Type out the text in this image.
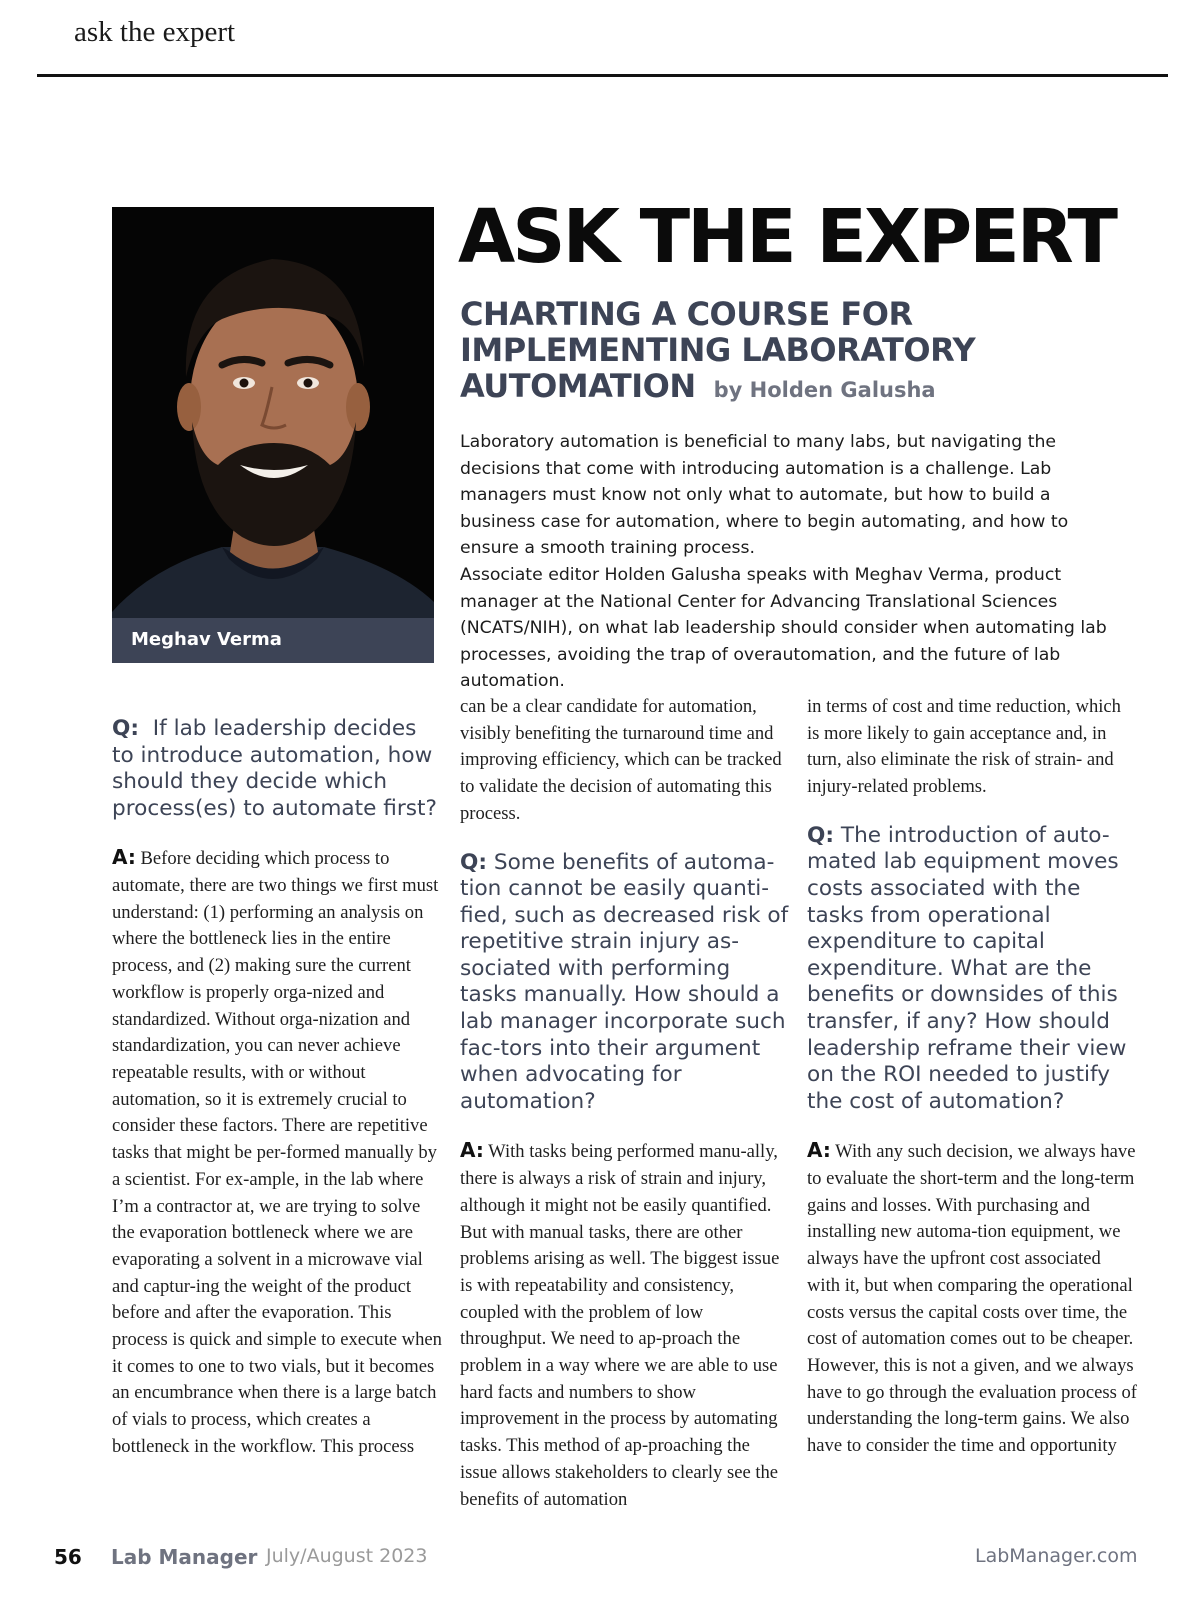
ask the expert
Meghav Verma
ASK THE EXPERT
CHARTING A COURSE FOR IMPLEMENTING LABORATORY AUTOMATION by Holden Galusha

Laboratory automation is beneficial to many labs, but navigating the decisions that come with introducing automation is a challenge. Lab managers must know not only what to automate, but how to build a business case for automation, where to begin automating, and how to ensure a smooth training process.

Associate editor Holden Galusha speaks with Meghav Verma, product manager at the National Center for Advancing Translational Sciences (NCATS/NIH), on what lab leadership should consider when automating lab processes, avoiding the trap of overautomation, and the future of lab automation.

Q: If lab leadership decides to introduce automation, how should they decide which process(es) to automate first?

A: Before deciding which process to automate, there are two things we first must understand: (1) performing an analysis on where the bottleneck lies in the entire process, and (2) making sure the current workflow is properly orga-nized and standardized. Without orga-nization and standardization, you can never achieve repeatable results, with or without automation, so it is extremely crucial to consider these factors. There are repetitive tasks that might be per-formed manually by a scientist. For ex-ample, in the lab where I’m a contractor at, we are trying to solve the evaporation bottleneck where we are evaporating a solvent in a microwave vial and captur-ing the weight of the product before and after the evaporation. This process is quick and simple to execute when it comes to one to two vials, but it becomes an encumbrance when there is a large batch of vials to process, which creates a bottleneck in the workflow. This process

can be a clear candidate for automation, visibly benefiting the turnaround time and improving efficiency, which can be tracked to validate the decision of automating this process.

Q: Some benefits of automa-tion cannot be easily quanti-fied, such as decreased risk of repetitive strain injury as-sociated with performing tasks manually. How should a lab manager incorporate such fac-tors into their argument when advocating for automation?

A: With tasks being performed manu-ally, there is always a risk of strain and injury, although it might not be easily quantified. But with manual tasks, there are other problems arising as well. The biggest issue is with repeatability and consistency, coupled with the problem of low throughput. We need to ap-proach the problem in a way where we are able to use hard facts and numbers to show improvement in the process by automating tasks. This method of ap-proaching the issue allows stakeholders to clearly see the benefits of automation

in terms of cost and time reduction, which is more likely to gain acceptance and, in turn, also eliminate the risk of strain- and injury-related problems.

Q: The introduction of auto-mated lab equipment moves costs associated with the tasks from operational expenditure to capital expenditure. What are the benefits or downsides of this transfer, if any? How should leadership reframe their view on the ROI needed to justify the cost of automation?

A: With any such decision, we always have to evaluate the short-term and the long-term gains and losses. With purchasing and installing new automa-tion equipment, we always have the upfront cost associated with it, but when comparing the operational costs versus the capital costs over time, the cost of automation comes out to be cheaper. However, this is not a given, and we always have to go through the evaluation process of understanding the long-term gains. We also have to consider the time and opportunity

56 Lab Manager July/August 2023	LabManager.com
